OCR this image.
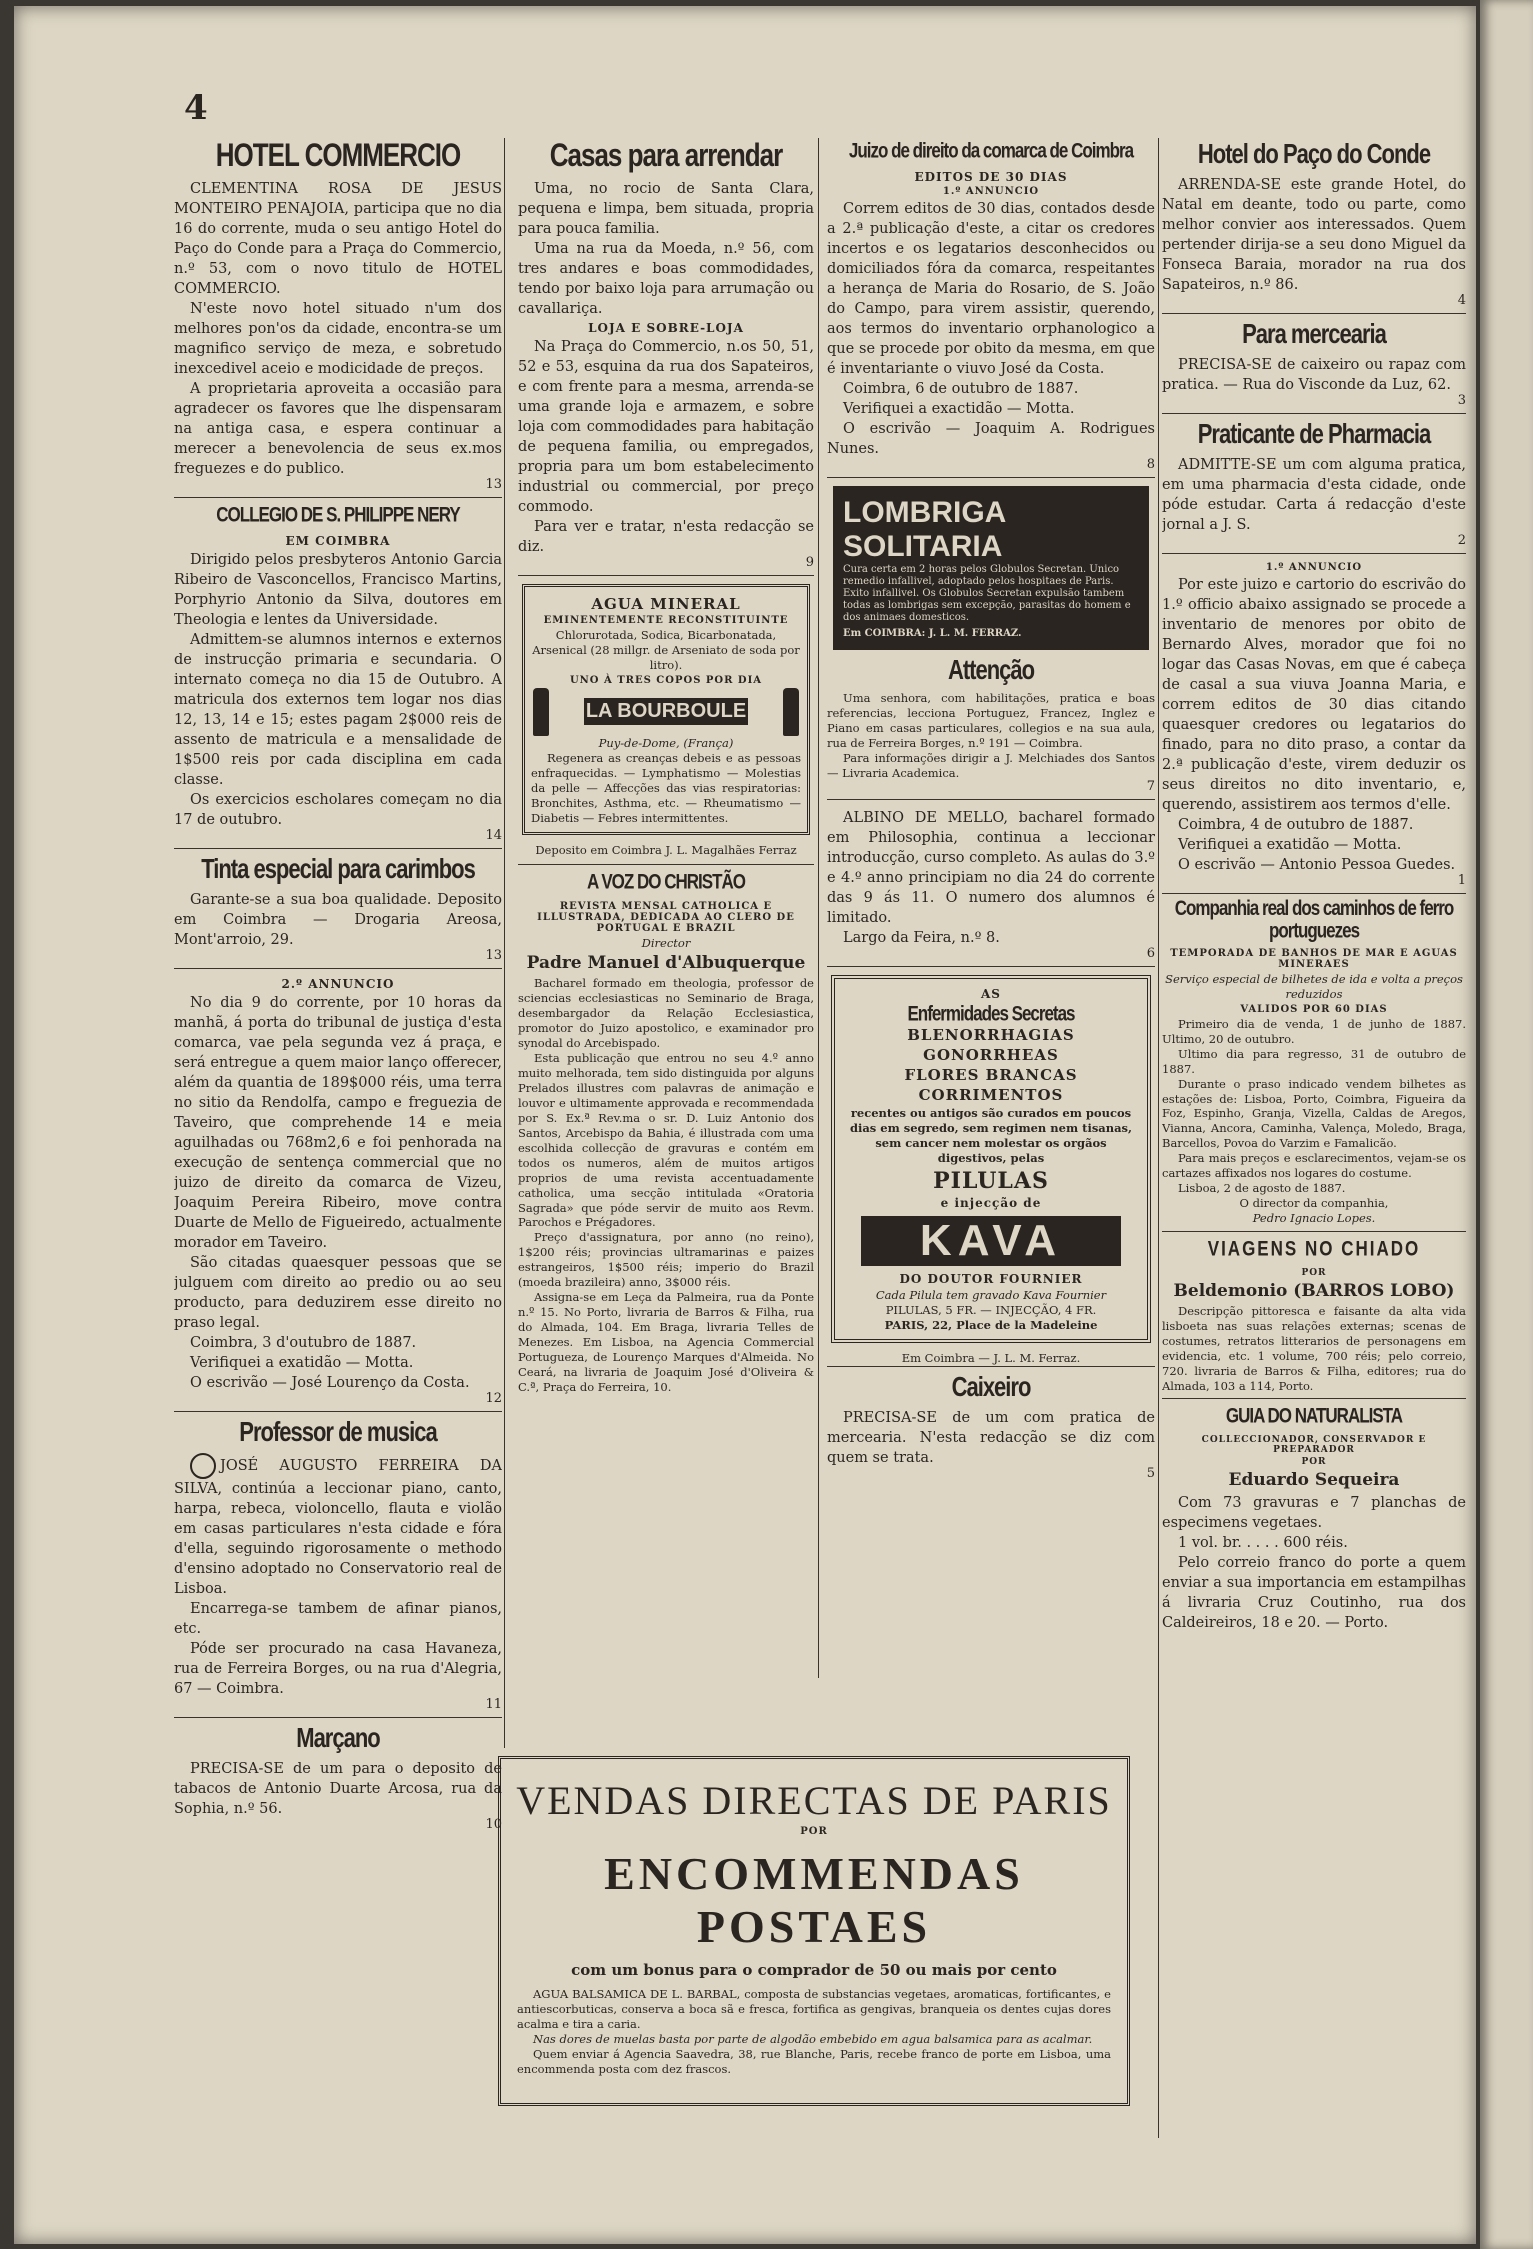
4
HOTEL COMMERCIO

CLEMENTINA ROSA DE JESUS MONTEIRO PENAJOIA, participa que no dia 16 do corrente, muda o seu antigo Hotel do Paço do Conde para a Praça do Commercio, n.º 53, com o novo titulo de HOTEL COMMERCIO.

N'este novo hotel situado n'um dos melhores pon'os da cidade, encontra-se um magnifico serviço de meza, e sobretudo inexcedivel aceio e modicidade de preços.

A proprietaria aproveita a occasião para agradecer os favores que lhe dispensaram na antiga casa, e espera continuar a merecer a benevolencia de seus ex.mos freguezes e do publico.

13
COLLEGIO DE S. PHILIPPE NERY
EM COIMBRA

Dirigido pelos presbyteros Antonio Garcia Ribeiro de Vasconcellos, Francisco Martins, Porphyrio Antonio da Silva, doutores em Theologia e lentes da Universidade.

Admittem-se alumnos internos e externos de instrucção primaria e secundaria. O internato começa no dia 15 de Outubro. A matricula dos externos tem logar nos dias 12, 13, 14 e 15; estes pagam 2$000 reis de assento de matricula e a mensalidade de 1$500 reis por cada disciplina em cada classe.

Os exercicios escholares começam no dia 17 de outubro.

14
Tinta especial para carimbos

Garante-se a sua boa qualidade. Deposito em Coimbra — Drogaria Areosa, Mont'arroio, 29.

13
2.º ANNUNCIO

No dia 9 do corrente, por 10 horas da manhã, á porta do tribunal de justiça d'esta comarca, vae pela segunda vez á praça, e será entregue a quem maior lanço offerecer, além da quantia de 189$000 réis, uma terra no sitio da Rendolfa, campo e freguezia de Taveiro, que comprehende 14 e meia aguilhadas ou 768m2,6 e foi penhorada na execução de sentença commercial que no juizo de direito da comarca de Vizeu, Joaquim Pereira Ribeiro, move contra Duarte de Mello de Figueiredo, actualmente morador em Taveiro.

São citadas quaesquer pessoas que se julguem com direito ao predio ou ao seu producto, para deduzirem esse direito no praso legal.

Coimbra, 3 d'outubro de 1887.

Verifiquei a exatidão — Motta.

O escrivão — José Lourenço da Costa.

12
Professor de musica

JOSÉ AUGUSTO FERREIRA DA SILVA, continúa a leccionar piano, canto, harpa, rebeca, violoncello, flauta e violão em casas particulares n'esta cidade e fóra d'ella, seguindo rigorosamente o methodo d'ensino adoptado no Conservatorio real de Lisboa.

Encarrega-se tambem de afinar pianos, etc.

Póde ser procurado na casa Havaneza, rua de Ferreira Borges, ou na rua d'Alegria, 67 — Coimbra.

11
Marçano

PRECISA-SE de um para o deposito de tabacos de Antonio Duarte Arcosa, rua da Sophia, n.º 56.

10
Casas para arrendar

Uma, no rocio de Santa Clara, pequena e limpa, bem situada, propria para pouca familia.

Uma na rua da Moeda, n.º 56, com tres andares e boas commodidades, tendo por baixo loja para arrumação ou cavallariça.

LOJA E SOBRE-LOJA

Na Praça do Commercio, n.os 50, 51, 52 e 53, esquina da rua dos Sapateiros, e com frente para a mesma, arrenda-se uma grande loja e armazem, e sobre loja com commodidades para habitação de pequena familia, ou empregados, propria para um bom estabelecimento industrial ou commercial, por preço commodo.

Para ver e tratar, n'esta redacção se diz.

9
AGUA MINERAL
EMINENTEMENTE RECONSTITUINTE

Chlorurotada, Sodica, Bicarbonatada, Arsenical (28 millgr. de Arseniato de soda por litro).

UNO À TRES COPOS POR DIA
LA BOURBOULE

Puy-de-Dome, (França)

Regenera as creanças debeis e as pessoas enfraquecidas. — Lymphatismo — Molestias da pelle — Affecções das vias respiratorias: Bronchites, Asthma, etc. — Rheumatismo — Diabetis — Febres intermittentes.

Deposito em Coimbra J. L. Magalhães Ferraz

A VOZ DO CHRISTÃO
REVISTA MENSAL CATHOLICA E ILLUSTRADA, DEDICADA AO CLERO DE PORTUGAL E BRAZIL

Director

Padre Manuel d'Albuquerque

Bacharel formado em theologia, professor de sciencias ecclesiasticas no Seminario de Braga, desembargador da Relação Ecclesiastica, promotor do Juizo apostolico, e examinador pro synodal do Arcebispado.

Esta publicação que entrou no seu 4.º anno muito melhorada, tem sido distinguida por alguns Prelados illustres com palavras de animação e louvor e ultimamente approvada e recommendada por S. Ex.ª Rev.ma o sr. D. Luiz Antonio dos Santos, Arcebispo da Bahia, é illustrada com uma escolhida collecção de gravuras e contém em todos os numeros, além de muitos artigos proprios de uma revista accentuadamente catholica, uma secção intitulada «Oratoria Sagrada» que póde servir de muito aos Revm. Parochos e Prégadores.

Preço d'assignatura, por anno (no reino), 1$200 réis; provincias ultramarinas e paizes estrangeiros, 1$500 réis; imperio do Brazil (moeda brazileira) anno, 3$000 réis.

Assigna-se em Leça da Palmeira, rua da Ponte n.º 15. No Porto, livraria de Barros & Filha, rua do Almada, 104. Em Braga, livraria Telles de Menezes. Em Lisboa, na Agencia Commercial Portugueza, de Lourenço Marques d'Almeida. No Ceará, na livraria de Joaquim José d'Oliveira & C.ª, Praça do Ferreira, 10.

Juizo de direito da comarca de Coimbra
EDITOS DE 30 DIAS
1.º ANNUNCIO

Correm editos de 30 dias, contados desde a 2.ª publicação d'este, a citar os credores incertos e os legatarios desconhecidos ou domiciliados fóra da comarca, respeitantes a herança de Maria do Rosario, de S. João do Campo, para virem assistir, querendo, aos termos do inventario orphanologico a que se procede por obito da mesma, em que é inventariante o viuvo José da Costa.

Coimbra, 6 de outubro de 1887.

Verifiquei a exactidão — Motta.

O escrivão — Joaquim A. Rodrigues Nunes.

8
LOMBRIGA SOLITARIA
Cura certa em 2 horas pelos Globulos Secretan. Unico remedio infallivel, adoptado pelos hospitaes de Paris. Exito infallivel. Os Globulos Secretan expulsão tambem todas as lombrigas sem excepção, parasitas do homem e dos animaes domesticos.
Em COIMBRA: J. L. M. FERRAZ.
Attenção

Uma senhora, com habilitações, pratica e boas referencias, lecciona Portuguez, Francez, Inglez e Piano em casas particulares, collegios e na sua aula, rua de Ferreira Borges, n.º 191 — Coimbra.

Para informações dirigir a J. Melchiades dos Santos — Livraria Academica.

7

ALBINO DE MELLO, bacharel formado em Philosophia, continua a leccionar introducção, curso completo. As aulas do 3.º e 4.º anno principiam no dia 24 do corrente das 9 ás 11. O numero dos alumnos é limitado.

Largo da Feira, n.º 8.

6
AS
Enfermidades Secretas
BLENORRHAGIAS
GONORRHEAS
FLORES BRANCAS
CORRIMENTOS

recentes ou antigos são curados em poucos dias em segredo, sem regimen nem tisanas, sem cancer nem molestar os orgãos digestivos, pelas

PILULAS
e injecção de
KAVA
DO DOUTOR FOURNIER

Cada Pilula tem gravado Kava Fournier

PILULAS, 5 FR. — INJECÇÃO, 4 FR.

PARIS, 22, Place de la Madeleine

Em Coimbra — J. L. M. Ferraz.

Caixeiro

PRECISA-SE de um com pratica de mercearia. N'esta redacção se diz com quem se trata.

5
Hotel do Paço do Conde

ARRENDA-SE este grande Hotel, do Natal em deante, todo ou parte, como melhor convier aos interessados. Quem pertender dirija-se a seu dono Miguel da Fonseca Baraia, morador na rua dos Sapateiros, n.º 86.

4
Para mercearia

PRECISA-SE de caixeiro ou rapaz com pratica. — Rua do Visconde da Luz, 62.

3
Praticante de Pharmacia

ADMITTE-SE um com alguma pratica, em uma pharmacia d'esta cidade, onde póde estudar. Carta á redacção d'este jornal a J. S.

2
1.º ANNUNCIO

Por este juizo e cartorio do escrivão do 1.º officio abaixo assignado se procede a inventario de menores por obito de Bernardo Alves, morador que foi no logar das Casas Novas, em que é cabeça de casal a sua viuva Joanna Maria, e correm editos de 30 dias citando quaesquer credores ou legatarios do finado, para no dito praso, a contar da 2.ª publicação d'este, virem deduzir os seus direitos no dito inventario, e, querendo, assistirem aos termos d'elle.

Coimbra, 4 de outubro de 1887.

Verifiquei a exatidão — Motta.

O escrivão — Antonio Pessoa Guedes.

1
Companhia real dos caminhos de ferro portuguezes
TEMPORADA DE BANHOS DE MAR E AGUAS MINERAES

Serviço especial de bilhetes de ida e volta a preços reduzidos

VALIDOS POR 60 DIAS

Primeiro dia de venda, 1 de junho de 1887. Ultimo, 20 de outubro.

Ultimo dia para regresso, 31 de outubro de 1887.

Durante o praso indicado vendem bilhetes as estações de: Lisboa, Porto, Coimbra, Figueira da Foz, Espinho, Granja, Vizella, Caldas de Aregos, Vianna, Ancora, Caminha, Valença, Moledo, Braga, Barcellos, Povoa do Varzim e Famalicão.

Para mais preços e esclarecimentos, vejam-se os cartazes affixados nos logares do costume.

Lisboa, 2 de agosto de 1887.

O director da companhia,

Pedro Ignacio Lopes.

VIAGENS NO CHIADO
POR
Beldemonio (BARROS LOBO)

Descripção pittoresca e faisante da alta vida lisboeta nas suas relações externas; scenas de costumes, retratos litterarios de personagens em evidencia, etc. 1 volume, 700 réis; pelo correio, 720. livraria de Barros & Filha, editores; rua do Almada, 103 a 114, Porto.

GUIA DO NATURALISTA
COLLECCIONADOR, CONSERVADOR E PREPARADOR
POR
Eduardo Sequeira

Com 73 gravuras e 7 planchas de especimens vegetaes.

1 vol. br. . . . . 600 réis.

Pelo correio franco do porte a quem enviar a sua importancia em estampilhas á livraria Cruz Coutinho, rua dos Caldeireiros, 18 e 20. — Porto.

VENDAS DIRECTAS DE PARIS
POR
ENCOMMENDAS POSTAES
com um bonus para o comprador de 50 ou mais por cento

AGUA BALSAMICA DE L. BARBAL, composta de substancias vegetaes, aromaticas, fortificantes, e antiescorbuticas, conserva a boca sã e fresca, fortifica as gengivas, branqueia os dentes cujas dores acalma e tira a caria.

Nas dores de muelas basta por parte de algodão embebido em agua balsamica para as acalmar.

Quem enviar á Agencia Saavedra, 38, rue Blanche, Paris, recebe franco de porte em Lisboa, uma encommenda posta com dez frascos.
